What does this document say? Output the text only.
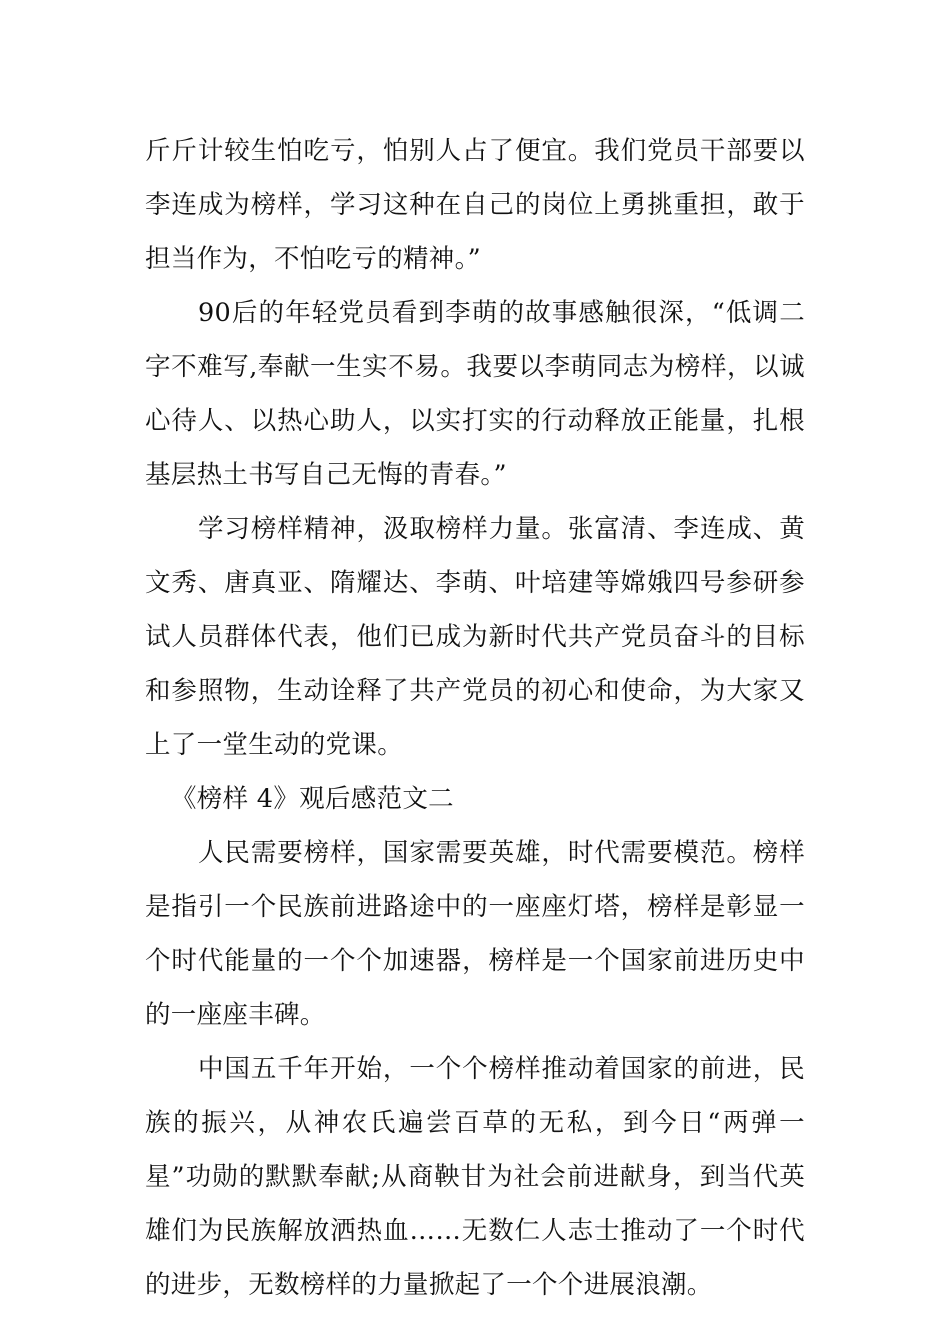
斤斤计较生怕吃亏，怕别人占了便宜。我们党员干部要以李连成为榜样，学习这种在自己的岗位上勇挑重担，敢于担当作为，不怕吃亏的精神。”

90后的年轻党员看到李萌的故事感触很深，“低调二字不难写,奉献一生实不易。我要以李萌同志为榜样，以诚心待人、以热心助人，以实打实的行动释放正能量，扎根基层热土书写自己无悔的青春。”

学习榜样精神，汲取榜样力量。张富清、李连成、黄文秀、唐真亚、隋耀达、李萌、叶培建等嫦娥四号参研参试人员群体代表，他们已成为新时代共产党员奋斗的目标和参照物，生动诠释了共产党员的初心和使命，为大家又上了一堂生动的党课。

《榜样 4》观后感范文二

人民需要榜样，国家需要英雄，时代需要模范。榜样是指引一个民族前进路途中的一座座灯塔，榜样是彰显一个时代能量的一个个加速器，榜样是一个国家前进历史中的一座座丰碑。

中国五千年开始，一个个榜样推动着国家的前进，民族的振兴，从神农氏遍尝百草的无私，到今日“两弹一星”功勋的默默奉献;从商鞅甘为社会前进献身，到当代英雄们为民族解放洒热血……无数仁人志士推动了一个时代的进步，无数榜样的力量掀起了一个个进展浪潮。
